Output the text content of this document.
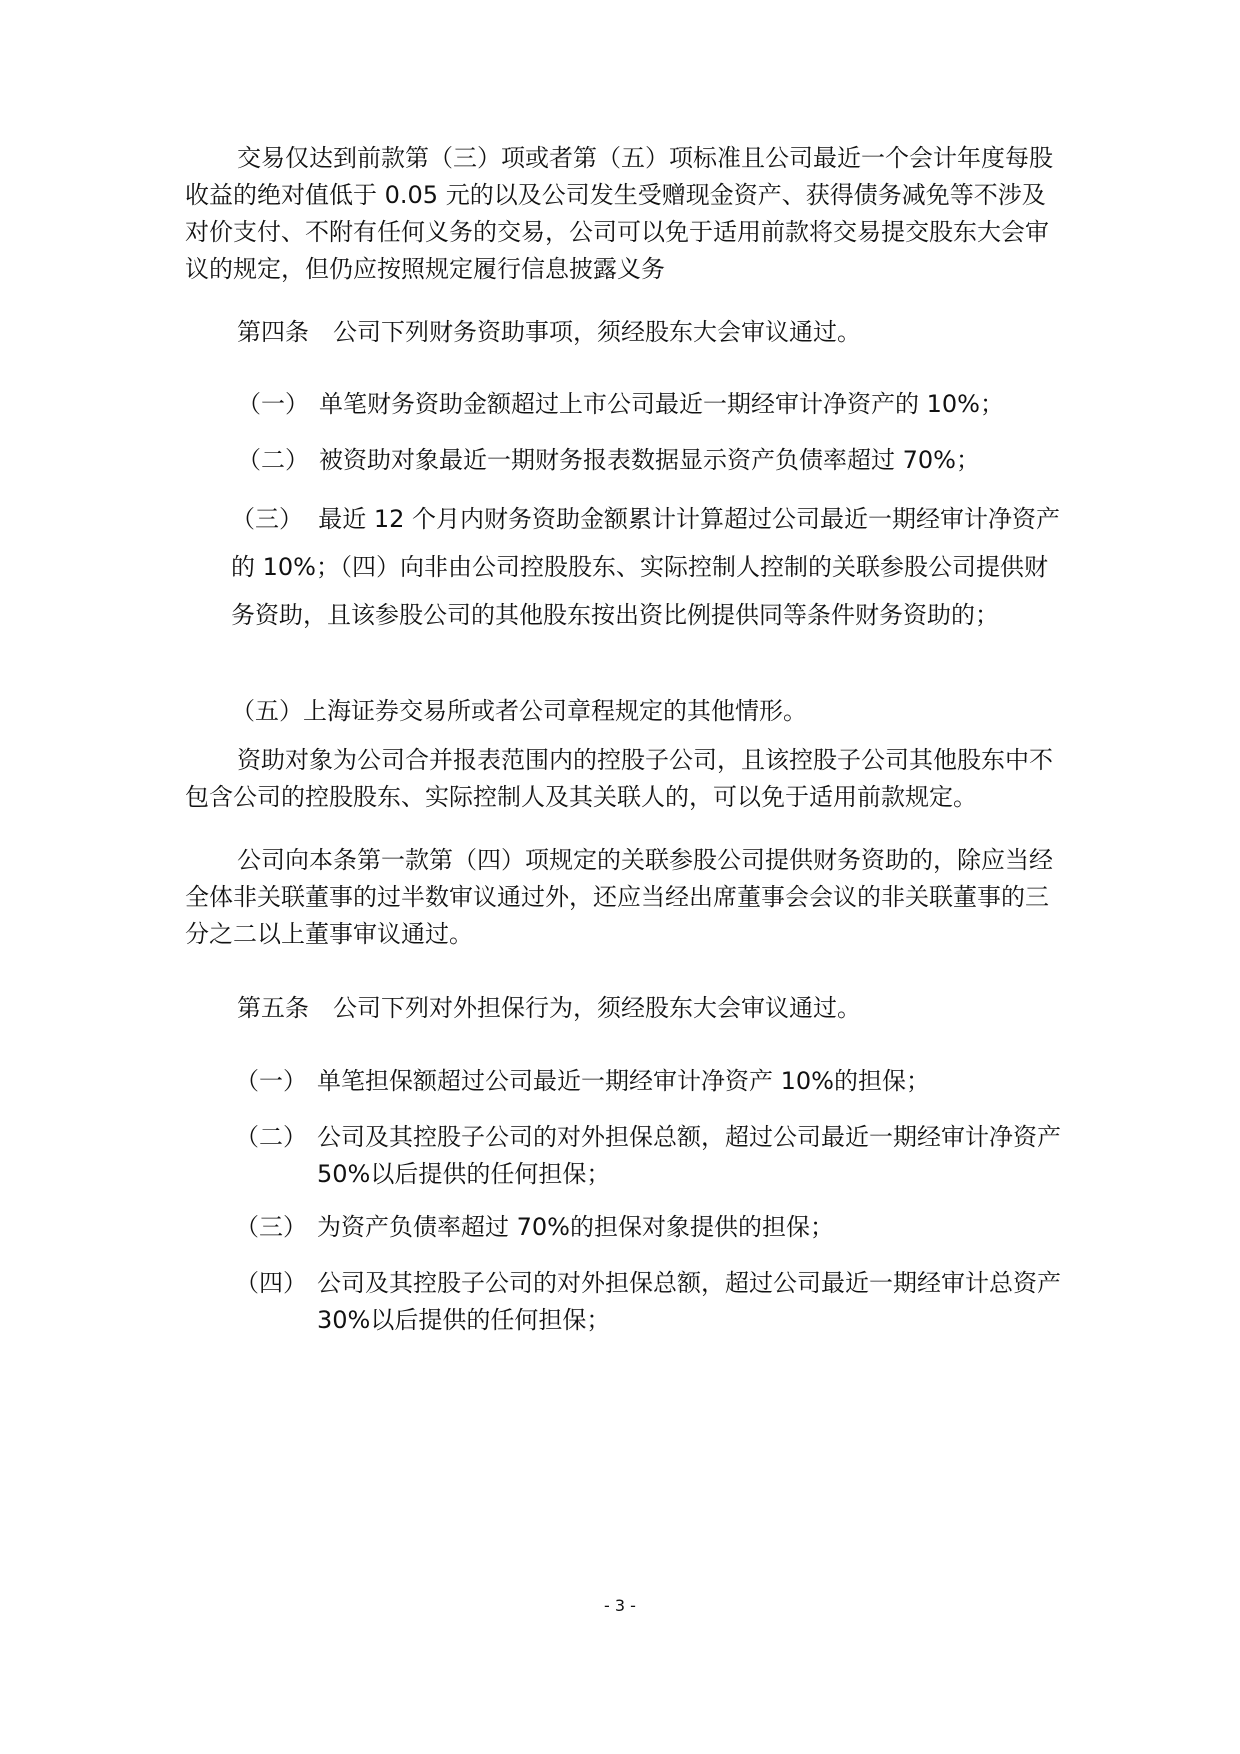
交易仅达到前款第（三）项或者第（五）项标准且公司最近一个会计年度每股收益的绝对值低于 0.05 元的以及公司发生受赠现金资产、获得债务减免等不涉及对价支付、不附有任何义务的交易，公司可以免于适用前款将交易提交股东大会审议的规定，但仍应按照规定履行信息披露义务

第四条　公司下列财务资助事项，须经股东大会审议通过。

（一） 单笔财务资助金额超过上市公司最近一期经审计净资产的 10%；

（二） 被资助对象最近一期财务报表数据显示资产负债率超过 70%；

（三） 最近 12 个月内财务资助金额累计计算超过公司最近一期经审计净资产的 10%；（四）向非由公司控股股东、实际控制人控制的关联参股公司提供财务资助，且该参股公司的其他股东按出资比例提供同等条件财务资助的；

（五）上海证券交易所或者公司章程规定的其他情形。

资助对象为公司合并报表范围内的控股子公司，且该控股子公司其他股东中不包含公司的控股股东、实际控制人及其关联人的，可以免于适用前款规定。

公司向本条第一款第（四）项规定的关联参股公司提供财务资助的，除应当经全体非关联董事的过半数审议通过外，还应当经出席董事会会议的非关联董事的三分之二以上董事审议通过。

第五条　公司下列对外担保行为，须经股东大会审议通过。

（一） 单笔担保额超过公司最近一期经审计净资产 10%的担保；

（二） 公司及其控股子公司的对外担保总额，超过公司最近一期经审计净资产 50%以后提供的任何担保；

（三） 为资产负债率超过 70%的担保对象提供的担保；

（四） 公司及其控股子公司的对外担保总额，超过公司最近一期经审计总资产 30%以后提供的任何担保；

- 3 -
